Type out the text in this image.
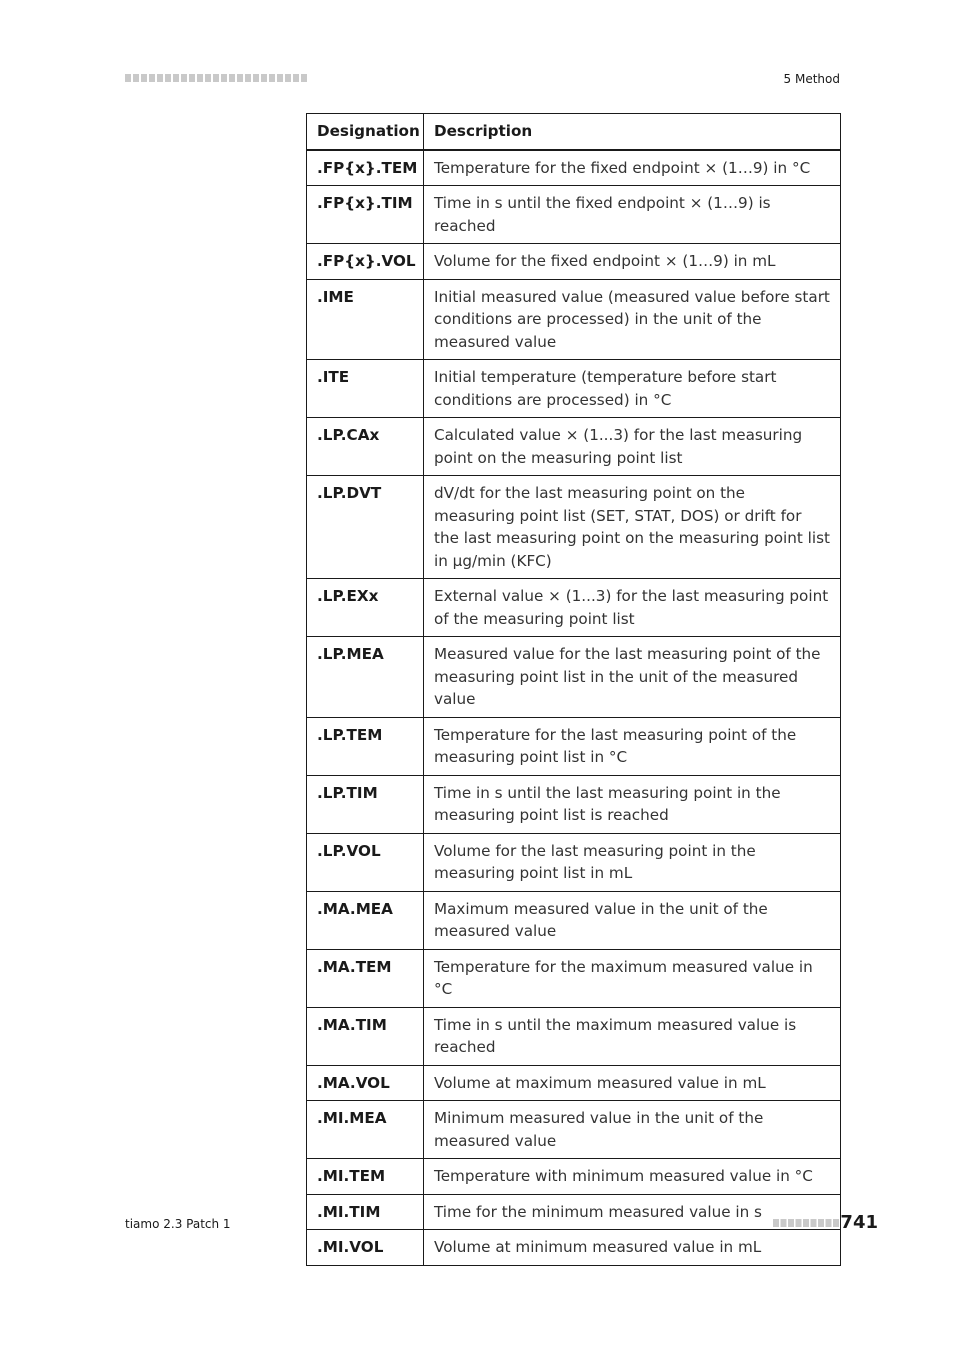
5 Method
Designation	Description
.FP{x}.TEM	Temperature for the fixed endpoint × (1…9) in °C
.FP{x}.TIM	Time in s until the fixed endpoint × (1…9) is reached
.FP{x}.VOL	Volume for the fixed endpoint × (1…9) in mL
.IME	Initial measured value (measured value before start conditions are processed) in the unit of the measured value
.ITE	Initial temperature (temperature before start conditions are processed) in °C
.LP.CAx	Calculated value × (1...3) for the last measuring point on the measuring point list
.LP.DVT	dV/dt for the last measuring point on the measuring point list (SET, STAT, DOS) or drift for the last measuring point on the measuring point list in µg/min (KFC)
.LP.EXx	External value × (1...3) for the last measuring point of the measuring point list
.LP.MEA	Measured value for the last measuring point of the measuring point list in the unit of the measured value
.LP.TEM	Temperature for the last measuring point of the measuring point list in °C
.LP.TIM	Time in s until the last measuring point in the measuring point list is reached
.LP.VOL	Volume for the last measuring point in the measuring point list in mL
.MA.MEA	Maximum measured value in the unit of the measured value
.MA.TEM	Temperature for the maximum measured value in °C
.MA.TIM	Time in s until the maximum measured value is reached
.MA.VOL	Volume at maximum measured value in mL
.MI.MEA	Minimum measured value in the unit of the measured value
.MI.TEM	Temperature with minimum measured value in °C
.MI.TIM	Time for the minimum measured value in s
.MI.VOL	Volume at minimum measured value in mL
tiamo 2.3 Patch 1	741
